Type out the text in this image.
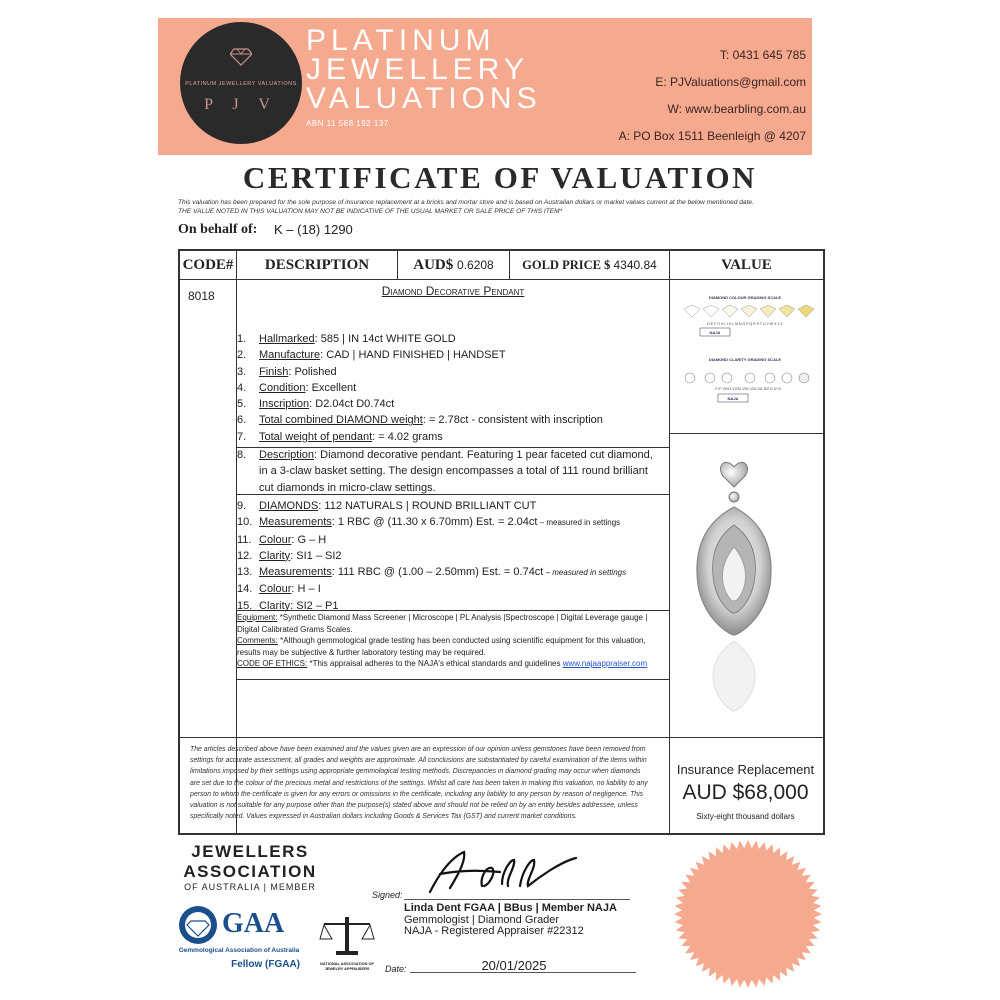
PLATINUM JEWELLERY VALUATIONS
P J V
PLATINUM
JEWELLERY
VALUATIONS
ABN 11 588 192 137
T: 0431 645 785
E: PJValuations@gmail.com
W: www.bearbling.com.au
A: PO Box 1511 Beenleigh @ 4207
CERTIFICATE OF VALUATION
This valuation has been prepared for the sole purpose of insurance replacement at a bricks and mortar store and is based on Australian dollars or market values current at the below mentioned date.
THE VALUE NOTED IN THIS VALUATION MAY NOT BE INDICATIVE OF THE USUAL MARKET OR SALE PRICE OF THIS ITEM*
On behalf of: K – (18) 1290
CODE#	DESCRIPTION	AUD$ 0.6208	GOLD PRICE $ 4340.84	VALUE
8018	Diamond Decorative Pendant
1. Hallmarked: 585 | IN 14ct WHITE GOLD
2. Manufacture: CAD | HAND FINISHED | HANDSET
3. Finish: Polished
4. Condition: Excellent
5. Inscription: D2.04ct D0.74ct
6. Total combined DIAMOND weight: = 2.78ct - consistent with inscription
7. Total weight of pendant: = 4.02 grams
8.	Description: Diamond decorative pendant. Featuring 1 pear faceted cut diamond, in a 3-claw basket setting. The design encompasses a total of 111 round brilliant cut diamonds in micro-claw settings.
9. DIAMONDS: 112 NATURALS | ROUND BRILLIANT CUT
10. Measurements: 1 RBC @ (11.30 x 6.70mm) Est. = 2.04ct – measured in settings
11. Colour: G – H
12. Clarity: SI1 – SI2
13. Measurements: 111 RBC @ (1.00 – 2.50mm) Est. = 0.74ct – measured in settings
14. Colour: H – I
15. Clarity: SI2 – P1
Equipment: *Synthetic Diamond Mass Screener | Microscope | PL Analysis |Spectroscope | Digital Leverage gauge | Digital Calibrated Grams Scales.
Comments: *Although gemmological grade testing has been conducted using scientific equipment for this valuation, results may be subjective & further laboratory testing may be required.
CODE OF ETHICS: *This appraisal adheres to the NAJA's ethical standards and guidelines www.najaappraiser.com
The articles described above have been examined and the values given are an expression of our opinion unless gemstones have been removed from settings for accurate assessment, all grades and weights are approximate. All conclusions are substantiated by careful examination of the items within limitations imposed by their settings using appropriate gemmological testing methods. Discrepancies in diamond grading may occur when diamonds are set due to the colour of the precious metal and restrictions of the settings. Whilst all care has been taken in making this valuation, no liability to any person to whom the certificate is given for any errors or omissions in the certificate, including any liability to any person by reason of negligence. This valuation is not suitable for any purpose other than the purpose(s) stated above and should not be relied on by an entity besides addressee, unless specifically noted. Values expressed in Australian dollars including Goods & Services Tax (GST) and current market conditions.
DIAMOND COLOUR GRADING SCALE
D E F G H I J K L M N O P Q R S T U V W X Y Z
NAJA
DIAMOND CLARITY GRADING SCALE
F IF VVS1 VVS2 VS1 VS2 SI1 SI2 I1 I2 I3
NAJA
Insurance Replacement
AUD $68,000
Sixty-eight thousand dollars
JEWELLERS
ASSOCIATION
OF AUSTRALIA | MEMBER
GAA
Gemmological Association of Australia
Fellow (FGAA)	NATIONAL ASSOCIATION OF
JEWELRY APPRAISERS
Signed:
Linda Dent FGAA | BBus | Member NAJA
Gemmologist | Diamond Grader
NAJA - Registered Appraiser #22312
Date:	20/01/2025
